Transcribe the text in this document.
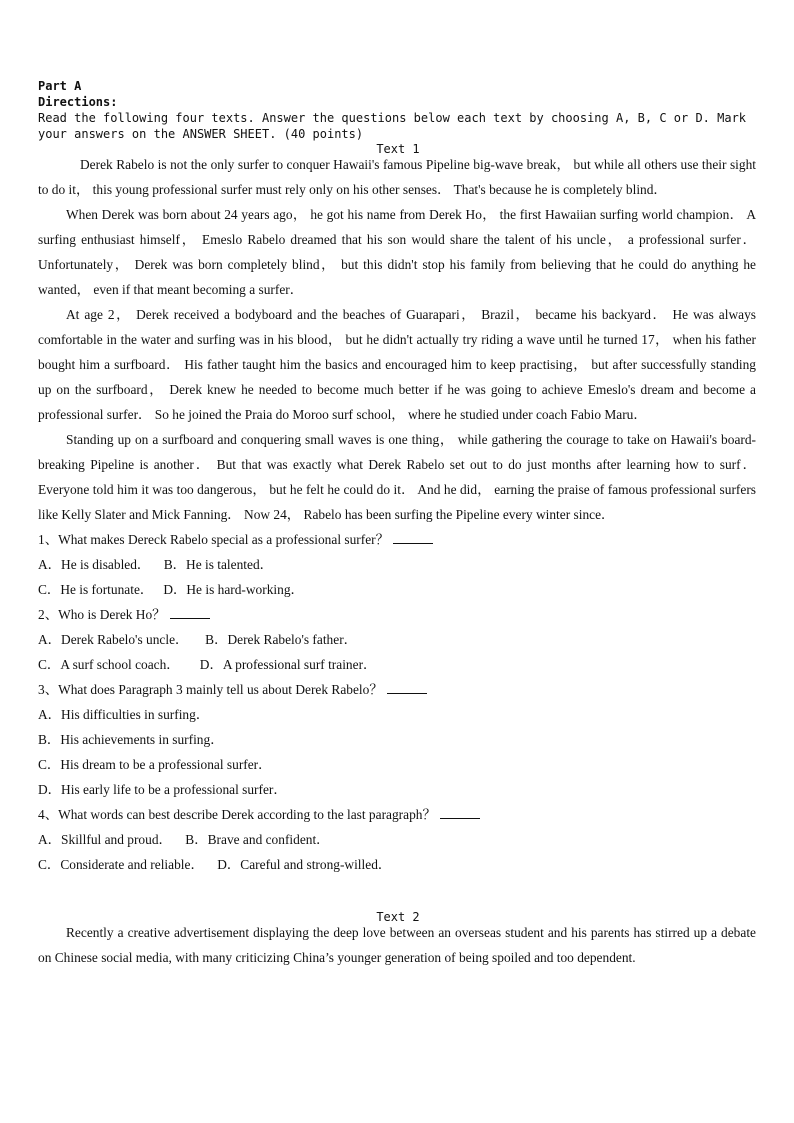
Part A
Directions:
Read the following four texts. Answer the questions below each text by choosing A, B, C or D. Mark
your answers on the ANSWER SHEET. (40 points)
Text 1

Derek Rabelo is not the only surfer to conquer Hawaii's famous Pipeline big-wave break， but while all others use their sight to do it， this young professional surfer must rely only on his other senses． That's because he is completely blind．

When Derek was born about 24 years ago， he got his name from Derek Ho， the first Hawaiian surfing world champion． A surfing enthusiast himself， Emeslo Rabelo dreamed that his son would share the talent of his uncle， a professional surfer． Unfortunately， Derek was born completely blind， but this didn't stop his family from believing that he could do anything he wanted， even if that meant becoming a surfer．

At age 2， Derek received a bodyboard and the beaches of Guarapari， Brazil， became his backyard． He was always comfortable in the water and surfing was in his blood， but he didn't actually try riding a wave until he turned 17， when his father bought him a surfboard． His father taught him the basics and encouraged him to keep practising， but after successfully standing up on the surfboard， Derek knew he needed to become much better if he was going to achieve Emeslo's dream and become a professional surfer． So he joined the Praia do Moroo surf school， where he studied under coach Fabio Maru．

Standing up on a surfboard and conquering small waves is one thing， while gathering the courage to take on Hawaii's board-breaking Pipeline is another． But that was exactly what Derek Rabelo set out to do just months after learning how to surf． Everyone told him it was too dangerous， but he felt he could do it． And he did， earning the praise of famous professional surfers like Kelly Slater and Mick Fanning． Now 24， Rabelo has been surfing the Pipeline every winter since．

1、What makes Dereck Rabelo special as a professional surfer？

A．He is disabled．    B．He is talented．

C．He is fortunate．   D．He is hard-working．

2、Who is Derek Ho？

A．Derek Rabelo's uncle．     B．Derek Rabelo's father．

C．A surf school coach．      D．A professional surf trainer．

3、What does Paragraph 3 mainly tell us about Derek Rabelo？

A．His difficulties in surfing．

B．His achievements in surfing．

C．His dream to be a professional surfer．

D．His early life to be a professional surfer．

4、What words can best describe Derek according to the last paragraph？

A．Skillful and proud．    B．Brave and confident．

C．Considerate and reliable．    D．Careful and strong-willed．

Text 2

Recently a creative advertisement displaying the deep love between an overseas student and his parents has stirred up a debate on Chinese social media, with many criticizing China’s younger generation of being spoiled and too dependent.
